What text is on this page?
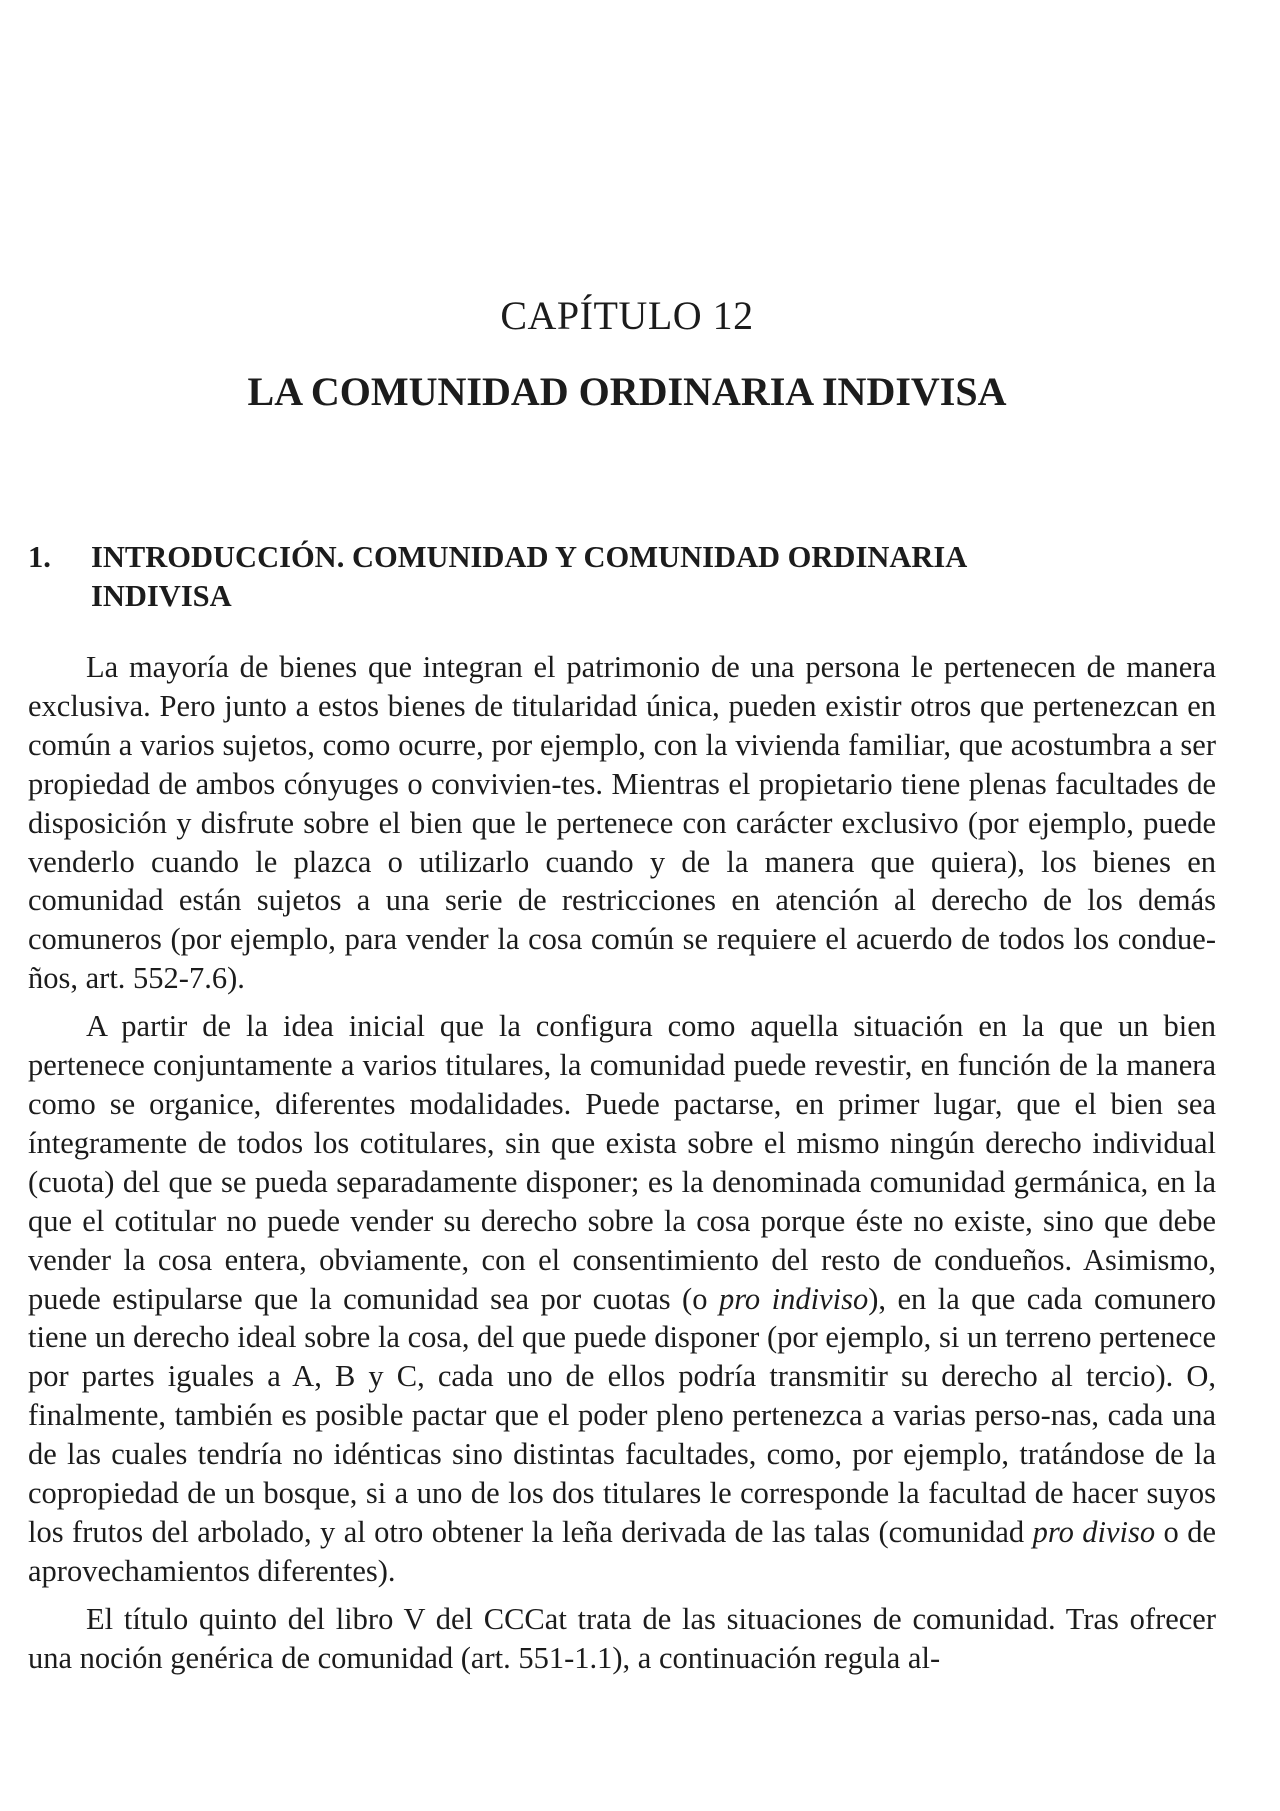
CAPÍTULO 12
LA COMUNIDAD ORDINARIA INDIVISA
1.	INTRODUCCIÓN. COMUNIDAD Y COMUNIDAD ORDINARIA INDIVISA

La mayoría de bienes que integran el patrimonio de una persona le pertenecen de manera exclusiva. Pero junto a estos bienes de titularidad única, pueden existir otros que pertenezcan en común a varios sujetos, como ocurre, por ejemplo, con la vivienda familiar, que acostumbra a ser propiedad de ambos cónyuges o convivien-tes. Mientras el propietario tiene plenas facultades de disposición y disfrute sobre el bien que le pertenece con carácter exclusivo (por ejemplo, puede venderlo cuando le plazca o utilizarlo cuando y de la manera que quiera), los bienes en comunidad están sujetos a una serie de restricciones en atención al derecho de los demás comuneros (por ejemplo, para vender la cosa común se requiere el acuerdo de todos los condue-ños, art. 552-7.6).

A partir de la idea inicial que la configura como aquella situación en la que un bien pertenece conjuntamente a varios titulares, la comunidad puede revestir, en función de la manera como se organice, diferentes modalidades. Puede pactarse, en primer lugar, que el bien sea íntegramente de todos los cotitulares, sin que exista sobre el mismo ningún derecho individual (cuota) del que se pueda separadamente disponer; es la denominada comunidad germánica, en la que el cotitular no puede vender su derecho sobre la cosa porque éste no existe, sino que debe vender la cosa entera, obviamente, con el consentimiento del resto de condueños. Asimismo, puede estipularse que la comunidad sea por cuotas (o pro indiviso), en la que cada comunero tiene un derecho ideal sobre la cosa, del que puede disponer (por ejemplo, si un terreno pertenece por partes iguales a A, B y C, cada uno de ellos podría transmitir su derecho al tercio). O, finalmente, también es posible pactar que el poder pleno pertenezca a varias perso-nas, cada una de las cuales tendría no idénticas sino distintas facultades, como, por ejemplo, tratándose de la copropiedad de un bosque, si a uno de los dos titulares le corresponde la facultad de hacer suyos los frutos del arbolado, y al otro obtener la leña derivada de las talas (comunidad pro diviso o de aprovechamientos diferentes).

El título quinto del libro V del CCCat trata de las situaciones de comunidad. Tras ofrecer una noción genérica de comunidad (art. 551-1.1), a continuación regula al-
